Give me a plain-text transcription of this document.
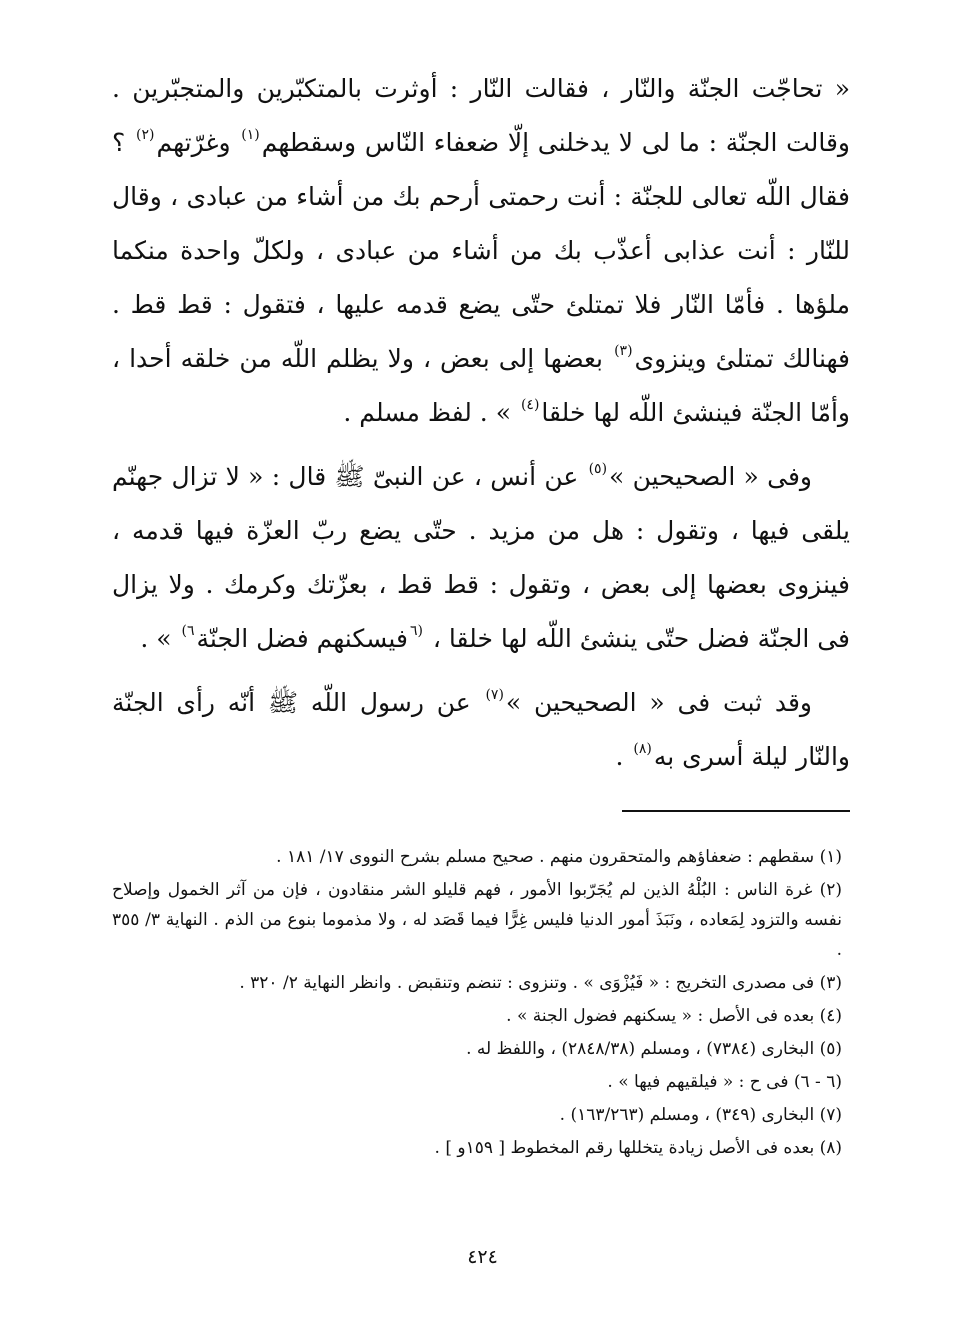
« تحاجّت الجنّة والنّار ، فقالت النّار : أوثرت بالمتكبّرين والمتجبّرين . وقالت الجنّة : ما لى لا يدخلنى إلّا ضعفاء النّاس وسقطهم$^{(١)}$ وغرّتهم$^{(٢)}$ ؟ فقال اللّه تعالى للجنّة : أنت رحمتى أرحم بك من أشاء من عبادى ، وقال للنّار : أنت عذابى أعذّب بك من أشاء من عبادى ، ولكلّ واحدة منكما ملؤها . فأمّا النّار فلا تمتلئ حتّى يضع قدمه عليها ، فتقول : قط قط . فهنالك تمتلئ وينزوى$^{(٣)}$ بعضها إلى بعض ، ولا يظلم اللّه من خلقه أحدا ، وأمّا الجنّة فينشئ اللّه لها خلقا$^{(٤)}$ » . لفظ مسلم .

وفى « الصحيحين »$^{(٥)}$ عن أنس ، عن النبىّ ﷺ قال : « لا تزال جهنّم يلقى فيها ، وتقول : هل من مزيد . حتّى يضع ربّ العزّة فيها قدمه ، فينزوى بعضها إلى بعض ، وتقول : قط قط ، بعزّتك وكرمك . ولا يزال فى الجنّة فضل حتّى ينشئ اللّه لها خلقا ، $^{(٦}$فيسكنهم فضل الجنّة$^{٦)}$ » .

وقد ثبت فى « الصحيحين »$^{(٧)}$ عن رسول اللّه ﷺ أنّه رأى الجنّة والنّار ليلة أسرى به$^{(٨)}$ .

(١) سقطهم : ضعفاؤهم والمتحقرون منهم . صحيح مسلم بشرح النووى ١٧/ ١٨١ .
(٢) غرة الناس : البُلْهُ الذين لم يُجَرّبوا الأمور ، فهم قليلو الشر منقادون ، فإن من آثر الخمول وإصلاح نفسه والتزود لِمَعاده ، ونَبَذَ أمور الدنيا فليس غِرًّا فيما قَصَد له ، ولا مذموما بنوع من الذم . النهاية ٣/ ٣٥٥ .
(٣) فى مصدرى التخريج : « فَيُزْوَى » . وتنزوى : تنضم وتنقبض . وانظر النهاية ٢/ ٣٢٠ .
(٤) بعده فى الأصل : « يسكنهم فضول الجنة » .
(٥) البخارى (٧٣٨٤) ، ومسلم (٢٨٤٨/٣٨) ، واللفظ له .
(٦ - ٦) فى ح : « فيلقيهم فيها » .
(٧) البخارى (٣٤٩) ، ومسلم (١٦٣/٢٦٣) .
(٨) بعده فى الأصل زيادة يتخللها رقم المخطوط [ ١٥٩و ] .
٤٢٤
